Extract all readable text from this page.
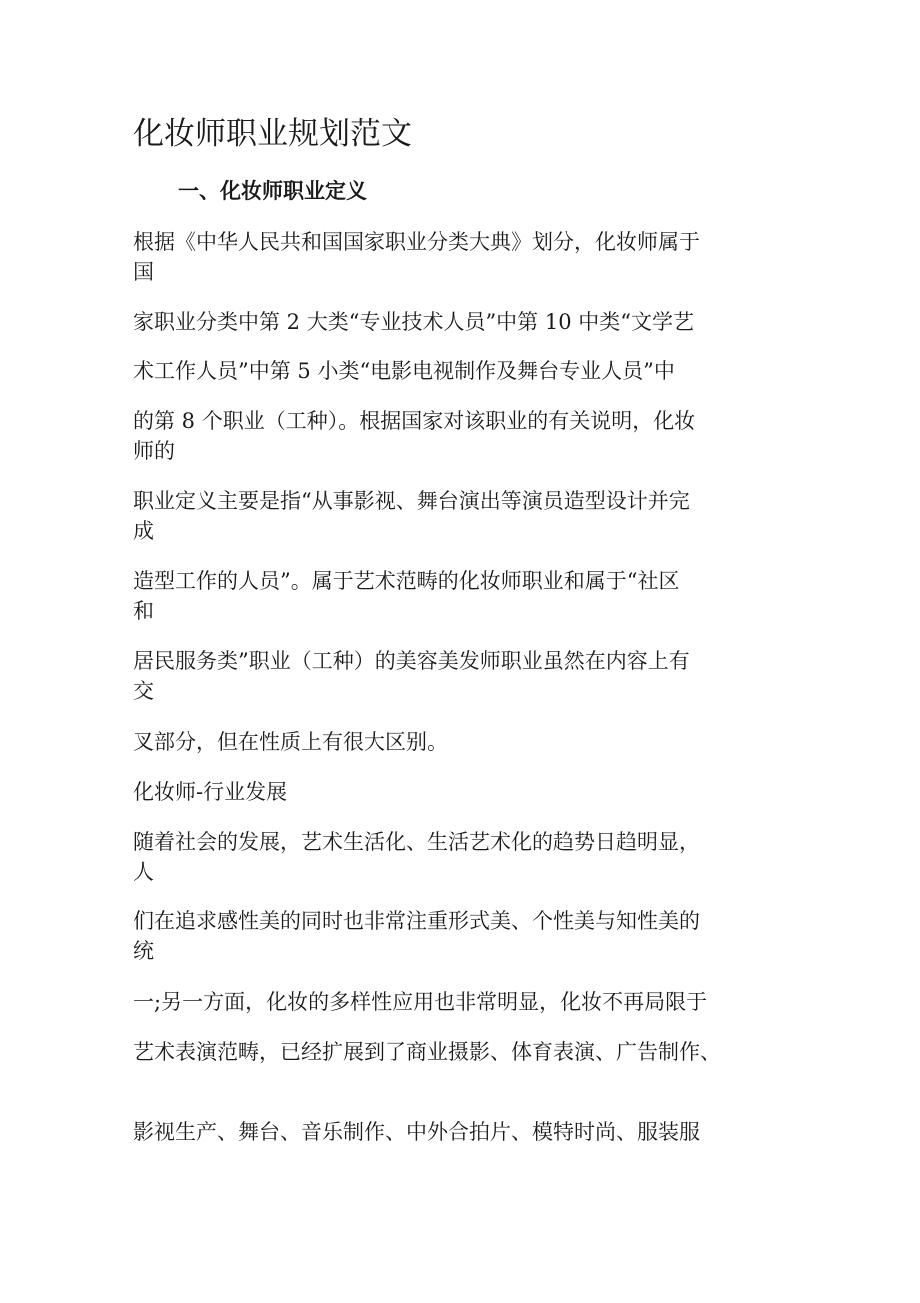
化妆师职业规划范文
一、化妆师职业定义
根据《中华人民共和国国家职业分类大典》划分，化妆师属于
国
家职业分类中第 2 大类“专业技术人员”中第 10 中类“文学艺
术工作人员”中第 5 小类“电影电视制作及舞台专业人员”中
的第 8 个职业（工种）。根据国家对该职业的有关说明，化妆
师的
职业定义主要是指“从事影视、舞台演出等演员造型设计并完
成
造型工作的人员”。属于艺术范畴的化妆师职业和属于“社区
和
居民服务类”职业（工种）的美容美发师职业虽然在内容上有
交
叉部分，但在性质上有很大区别。
化妆师-行业发展
随着社会的发展，艺术生活化、生活艺术化的趋势日趋明显，
人
们在追求感性美的同时也非常注重形式美、个性美与知性美的
统
一;另一方面，化妆的多样性应用也非常明显，化妆不再局限于
艺术表演范畴，已经扩展到了商业摄影、体育表演、广告制作、
影视生产、舞台、音乐制作、中外合拍片、模特时尚、服装服
